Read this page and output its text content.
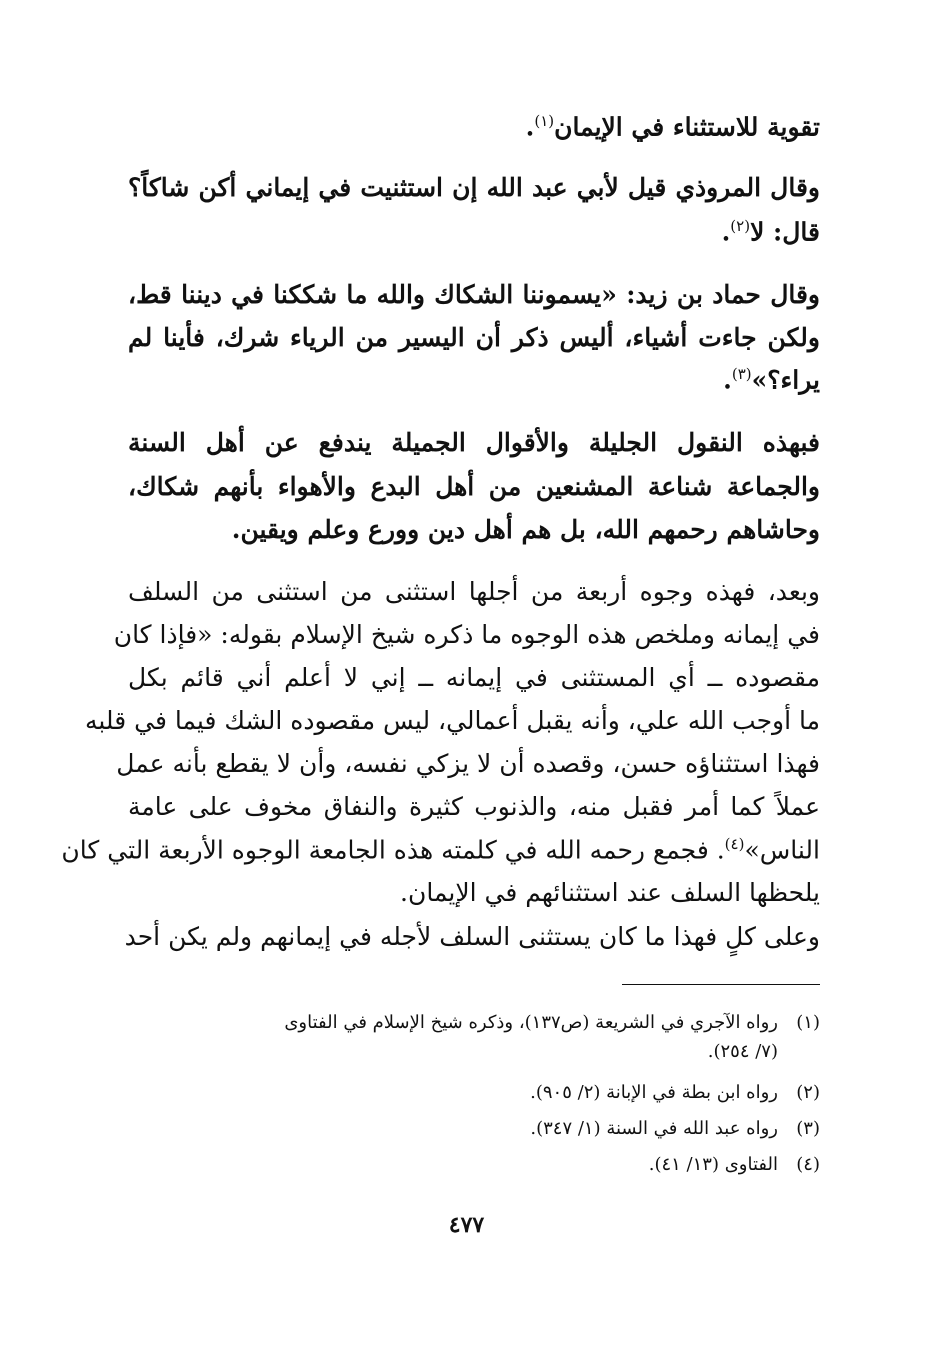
تقوية للاستثناء في الإيمان$^{(١)}$.
وقال المروذي قيل لأبي عبد الله إن استثنيت في إيماني أكن شاكاً؟
قال: لا$^{(٢)}$.
وقال حماد بن زيد: «يسموننا الشكاك والله ما شككنا في ديننا قط،
ولكن جاءت أشياء، أليس ذكر أن اليسير من الرياء شرك، فأينا لم
يراء؟»$^{(٣)}$.
فبهذه النقول الجليلة والأقوال الجميلة يندفع عن أهل السنة
والجماعة شناعة المشنعين من أهل البدع والأهواء بأنهم شكاك،
وحاشاهم رحمهم الله، بل هم أهل دين وورع وعلم ويقين.
وبعد، فهذه وجوه أربعة من أجلها استثنى من استثنى من السلف
في إيمانه وملخص هذه الوجوه ما ذكره شيخ الإسلام بقوله: «فإذا كان
مقصوده ــ أي المستثنى في إيمانه ــ إني لا أعلم أني قائم بكل
ما أوجب الله علي، وأنه يقبل أعمالي، ليس مقصوده الشك فيما في قلبه
فهذا استثناؤه حسن، وقصده أن لا يزكي نفسه، وأن لا يقطع بأنه عمل
عملاً كما أمر فقبل منه، والذنوب كثيرة والنفاق مخوف على عامة
الناس»$^{(٤)}$. فجمع رحمه الله في كلمته هذه الجامعة الوجوه الأربعة التي كان
يلحظها السلف عند استثنائهم في الإيمان.
وعلى كلٍ فهذا ما كان يستثنى السلف لأجله في إيمانهم ولم يكن أحد
(١)رواه الآجري في الشريعة (ص١٣٧)، وذكره شيخ الإسلام في الفتاوى
(٧/ ٢٥٤).
(٢)رواه ابن بطة في الإبانة (٢/ ٩٠٥).
(٣)رواه عبد الله في السنة (١/ ٣٤٧).
(٤)الفتاوى (١٣/ ٤١).
٤٧٧
